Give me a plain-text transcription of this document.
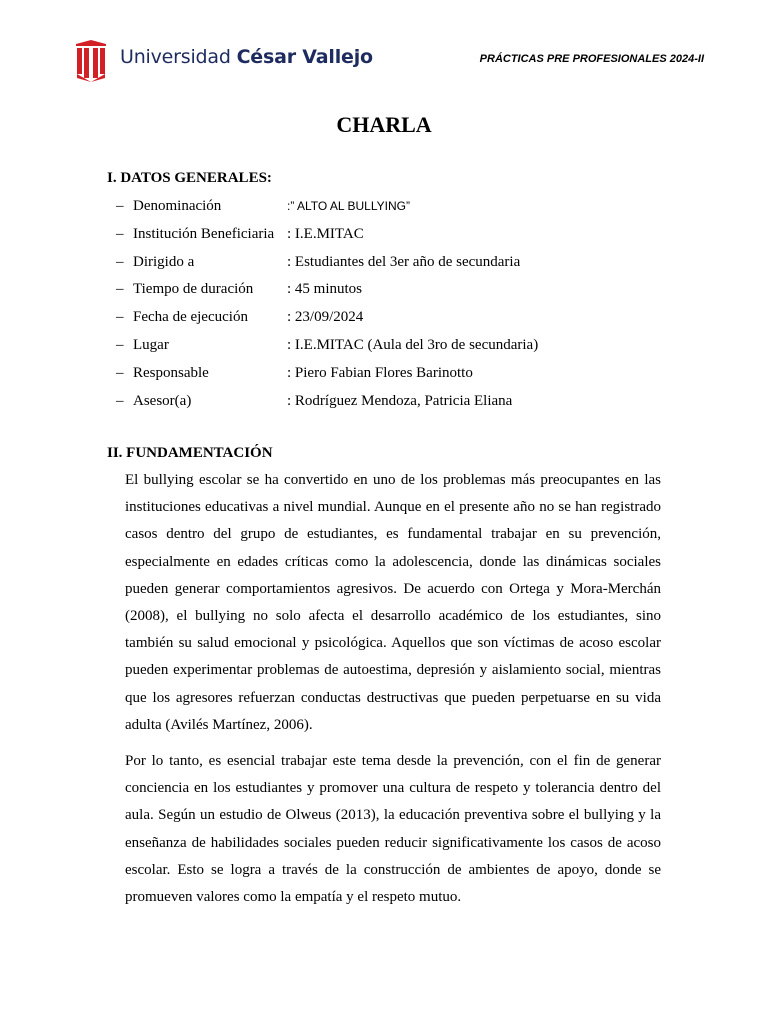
Universidad César Vallejo	PRÁCTICAS PRE PROFESIONALES 2024-II
CHARLA
I. DATOS GENERALES:
– Denominación	:” ALTO AL BULLYING”
– Institución Beneficiaria : I.E.MITAC
– Dirigido a	: Estudiantes del 3er año de secundaria
– Tiempo de duración : 45 minutos
– Fecha de ejecución	: 23/09/2024
– Lugar	: I.E.MITAC (Aula del 3ro de secundaria)
– Responsable	: Piero Fabian Flores Barinotto
– Asesor(a)	: Rodríguez Mendoza, Patricia Eliana
II. FUNDAMENTACIÓN

El bullying escolar se ha convertido en uno de los problemas más preocupantes en las instituciones educativas a nivel mundial. Aunque en el presente año no se han registrado casos dentro del grupo de estudiantes, es fundamental trabajar en su prevención, especialmente en edades críticas como la adolescencia, donde las dinámicas sociales pueden generar comportamientos agresivos. De acuerdo con Ortega y Mora-Merchán (2008), el bullying no solo afecta el desarrollo académico de los estudiantes, sino también su salud emocional y psicológica. Aquellos que son víctimas de acoso escolar pueden experimentar problemas de autoestima, depresión y aislamiento social, mientras que los agresores refuerzan conductas destructivas que pueden perpetuarse en su vida adulta (Avilés Martínez, 2006).

Por lo tanto, es esencial trabajar este tema desde la prevención, con el fin de generar conciencia en los estudiantes y promover una cultura de respeto y tolerancia dentro del aula. Según un estudio de Olweus (2013), la educación preventiva sobre el bullying y la enseñanza de habilidades sociales pueden reducir significativamente los casos de acoso escolar. Esto se logra a través de la construcción de ambientes de apoyo, donde se promueven valores como la empatía y el respeto mutuo.
